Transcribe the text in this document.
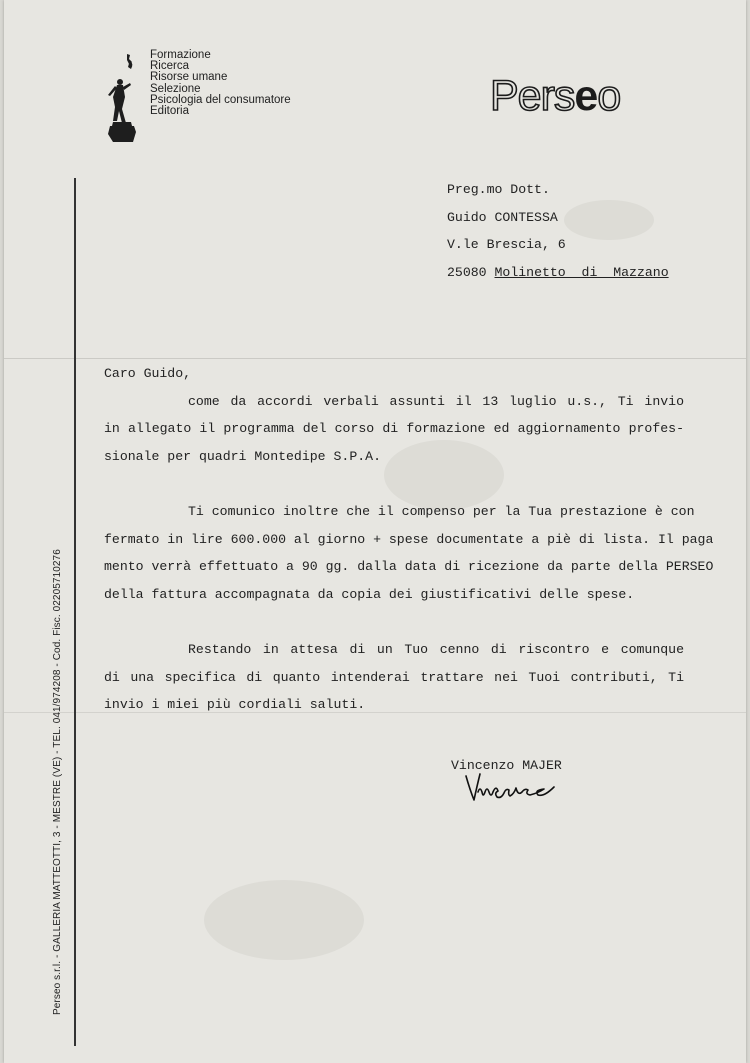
Formazione
Ricerca
Risorse umane
Selezione
Psicologia del consumatore
Editoria	Perseo
Perseo s.r.l. - GALLERIA MATTEOTTI, 3 - MESTRE (VE) - TEL. 041/974208 - Cod. Fisc. 02205710276
Preg.mo Dott.
Guido CONTESSA
V.le Brescia, 6
25080 Molinetto  di  Mazzano

Caro Guido,

come da accordi verbali assunti il 13 luglio u.s., Ti invio
in allegato il programma del corso di formazione ed aggiornamento profes-
sionale per quadri Montedipe S.P.A.

Ti comunico inoltre che il compenso per la Tua prestazione è con
fermato in lire 600.000 al giorno + spese documentate a piè di lista. Il paga
mento verrà effettuato a 90 gg. dalla data di ricezione da parte della PERSEO
della fattura accompagnata da copia dei giustificativi delle spese.

Restando in attesa di un Tuo cenno di riscontro e comunque
di una specifica di quanto intenderai trattare nei Tuoi contributi, Ti
invio i miei più cordiali saluti.

Vincenzo MAJER
